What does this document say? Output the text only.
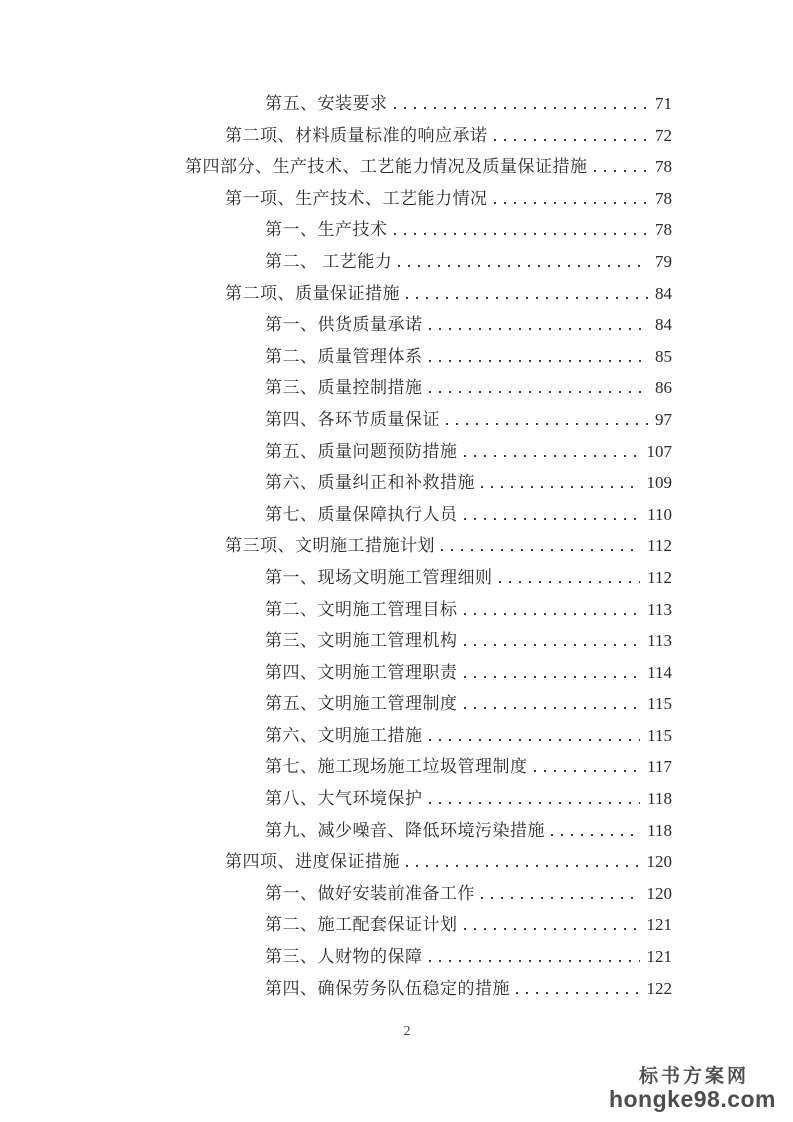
第五、安装要求	71
第二项、材料质量标准的响应承诺	72
第四部分、生产技术、工艺能力情况及质量保证措施	78
第一项、生产技术、工艺能力情况	78
第一、生产技术	78
第二、 工艺能力	79
第二项、质量保证措施	84
第一、供货质量承诺	84
第二、质量管理体系	85
第三、质量控制措施	86
第四、各环节质量保证	97
第五、质量问题预防措施	107
第六、质量纠正和补救措施	109
第七、质量保障执行人员	110
第三项、文明施工措施计划	112
第一、现场文明施工管理细则	112
第二、文明施工管理目标	113
第三、文明施工管理机构	113
第四、文明施工管理职责	114
第五、文明施工管理制度	115
第六、文明施工措施	115
第七、施工现场施工垃圾管理制度	117
第八、大气环境保护	118
第九、减少噪音、降低环境污染措施	118
第四项、进度保证措施	120
第一、做好安装前准备工作	120
第二、施工配套保证计划	121
第三、人财物的保障	121
第四、确保劳务队伍稳定的措施	122
2
标书方案网
hongke98.com
